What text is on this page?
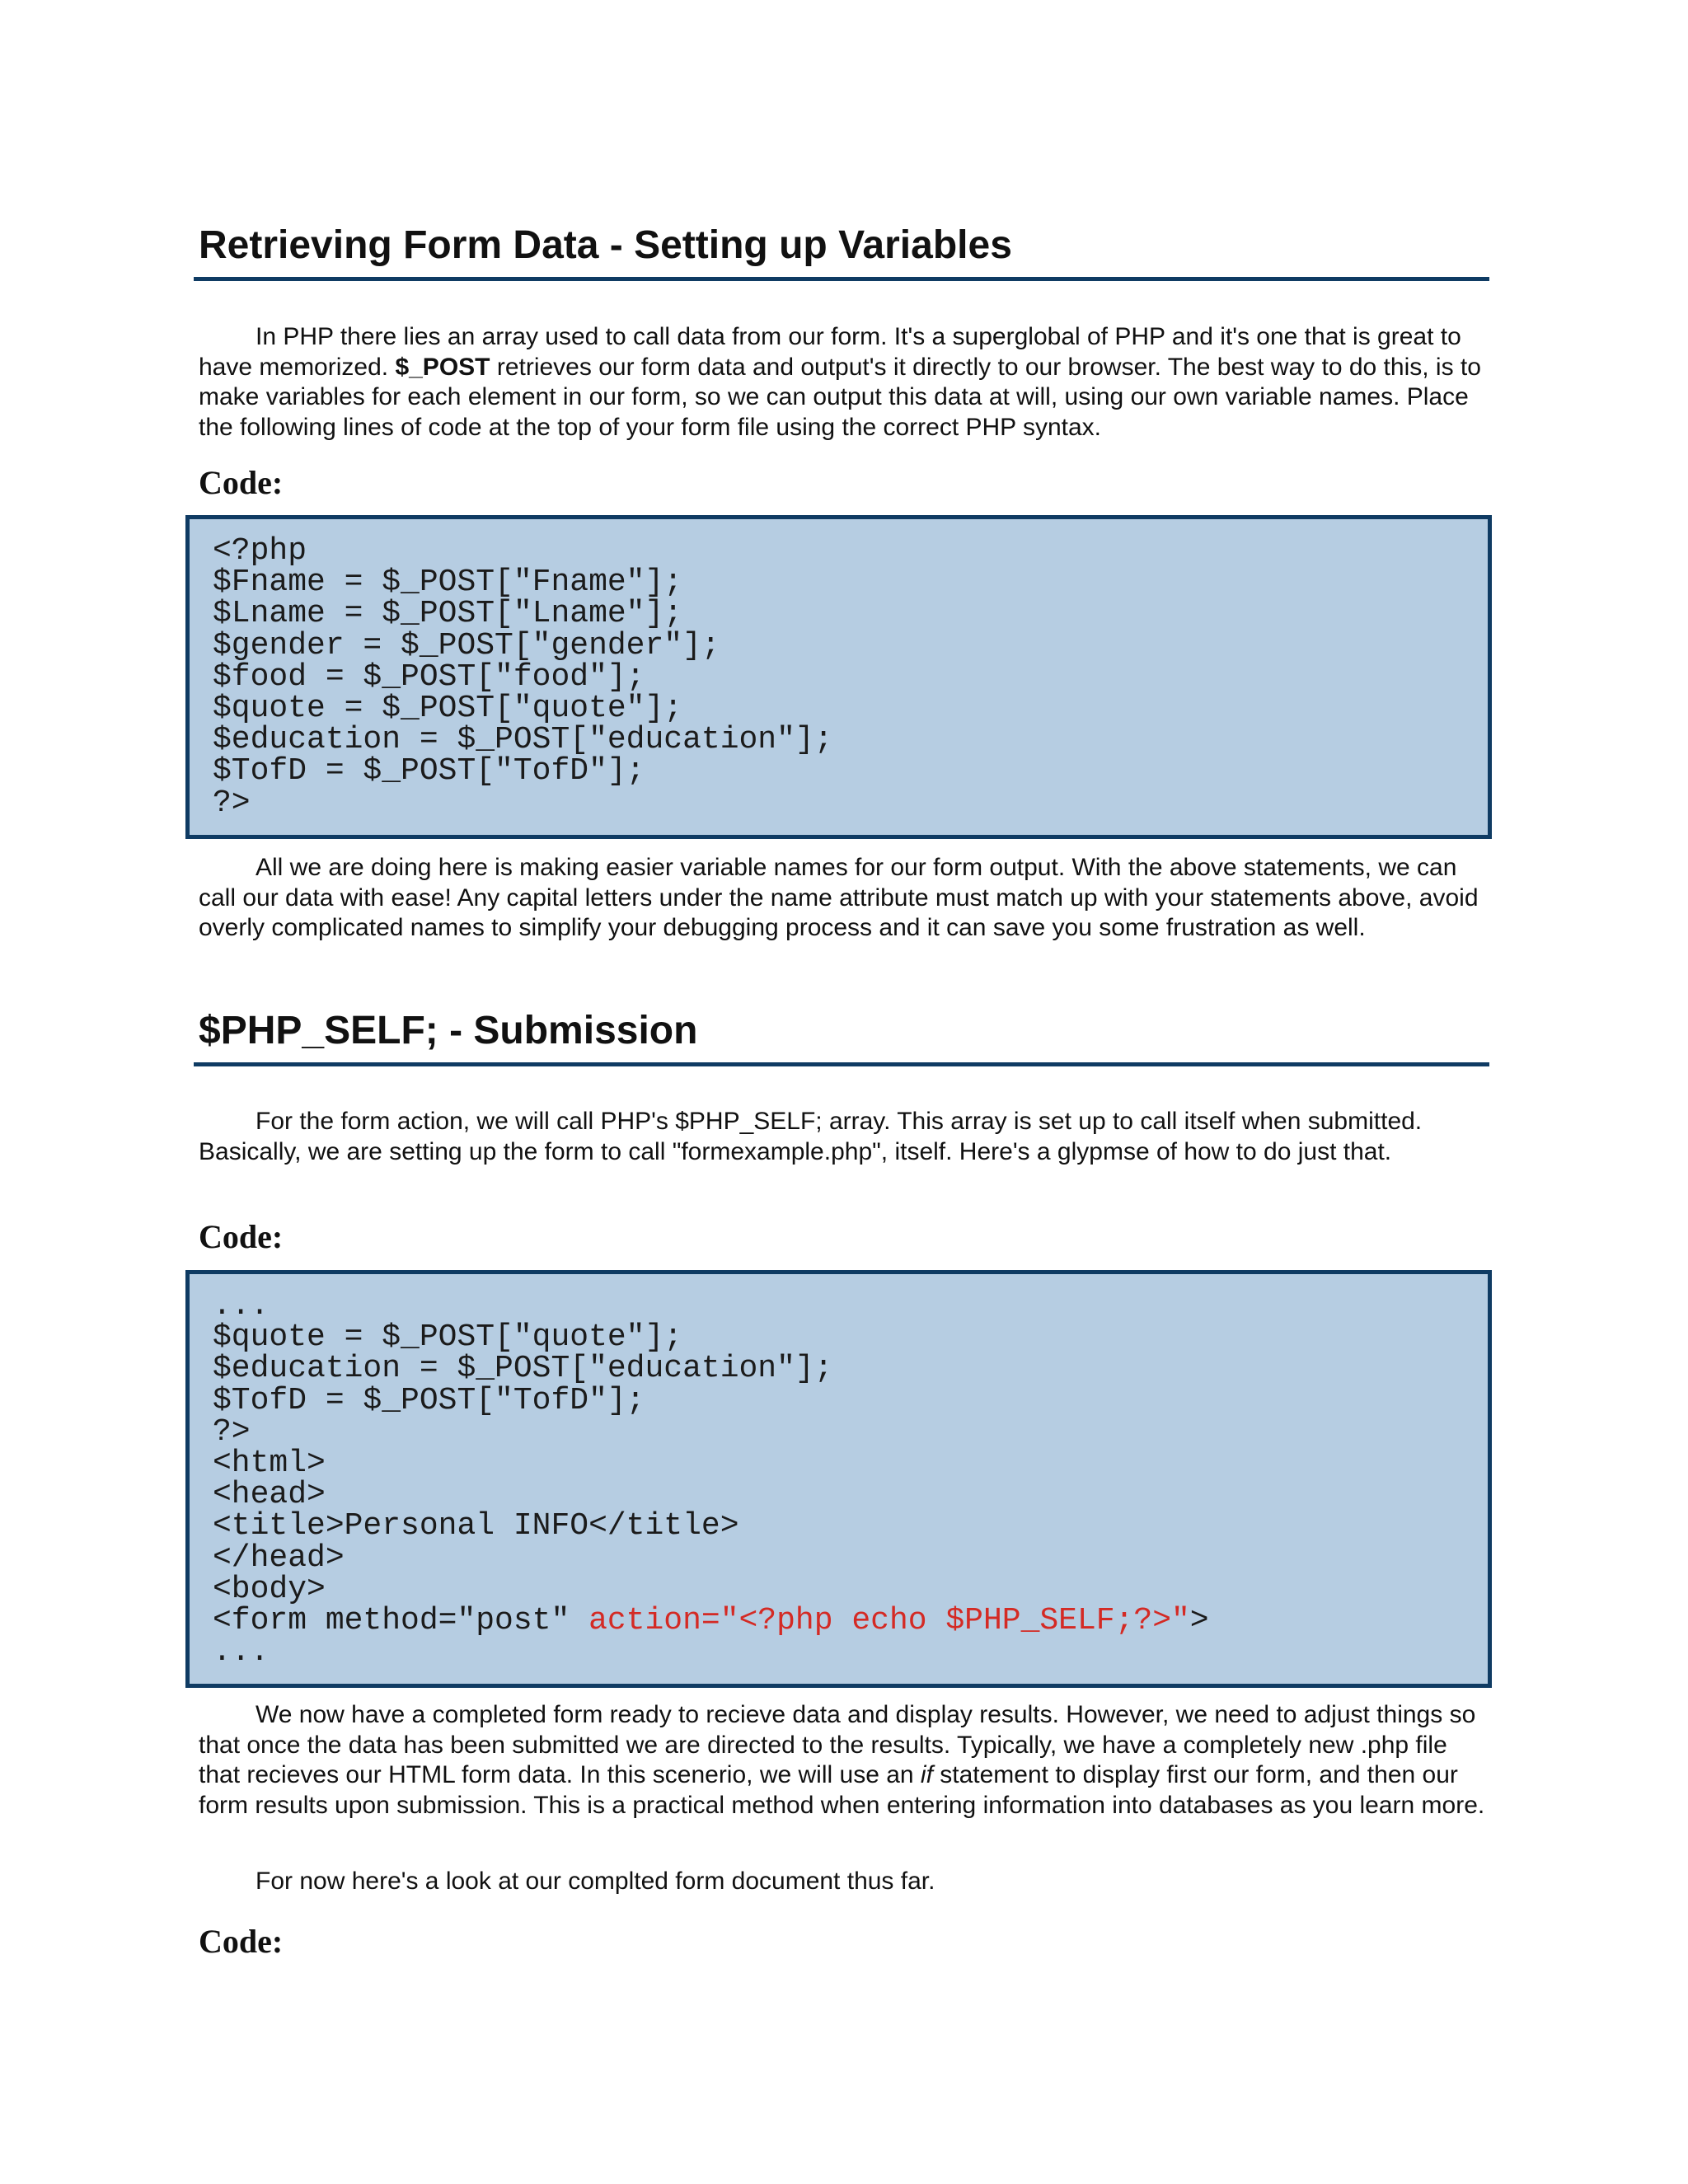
Retrieving Form Data - Setting up Variables

In PHP there lies an array used to call data from our form. It's a superglobal of PHP and it's one that is great to have memorized. $_POST retrieves our form data and output's it directly to our browser. The best way to do this, is to make variables for each element in our form, so we can output this data at will, using our own variable names. Place the following lines of code at the top of your form file using the correct PHP syntax.

Code:
<?php
$Fname = $_POST["Fname"];
$Lname = $_POST["Lname"];
$gender = $_POST["gender"];
$food = $_POST["food"];
$quote = $_POST["quote"];
$education = $_POST["education"];
$TofD = $_POST["TofD"];
?>

All we are doing here is making easier variable names for our form output. With the above statements, we can call our data with ease! Any capital letters under the name attribute must match up with your statements above, avoid overly complicated names to simplify your debugging process and it can save you some frustration as well.

$PHP_SELF; - Submission

For the form action, we will call PHP's $PHP_SELF; array. This array is set up to call itself when submitted. Basically, we are setting up the form to call "formexample.php", itself. Here's a glypmse of how to do just that.

Code:
...
$quote = $_POST["quote"];
$education = $_POST["education"];
$TofD = $_POST["TofD"];
?>
<html>
<head>
<title>Personal INFO</title>
</head>
<body>
<form method="post" action="<?php echo $PHP_SELF;?>">
...

We now have a completed form ready to recieve data and display results. However, we need to adjust things so that once the data has been submitted we are directed to the results. Typically, we have a completely new .php file that recieves our HTML form data. In this scenerio, we will use an if statement to display first our form, and then our form results upon submission. This is a practical method when entering information into databases as you learn more.

For now here's a look at our complted form document thus far.

Code:
